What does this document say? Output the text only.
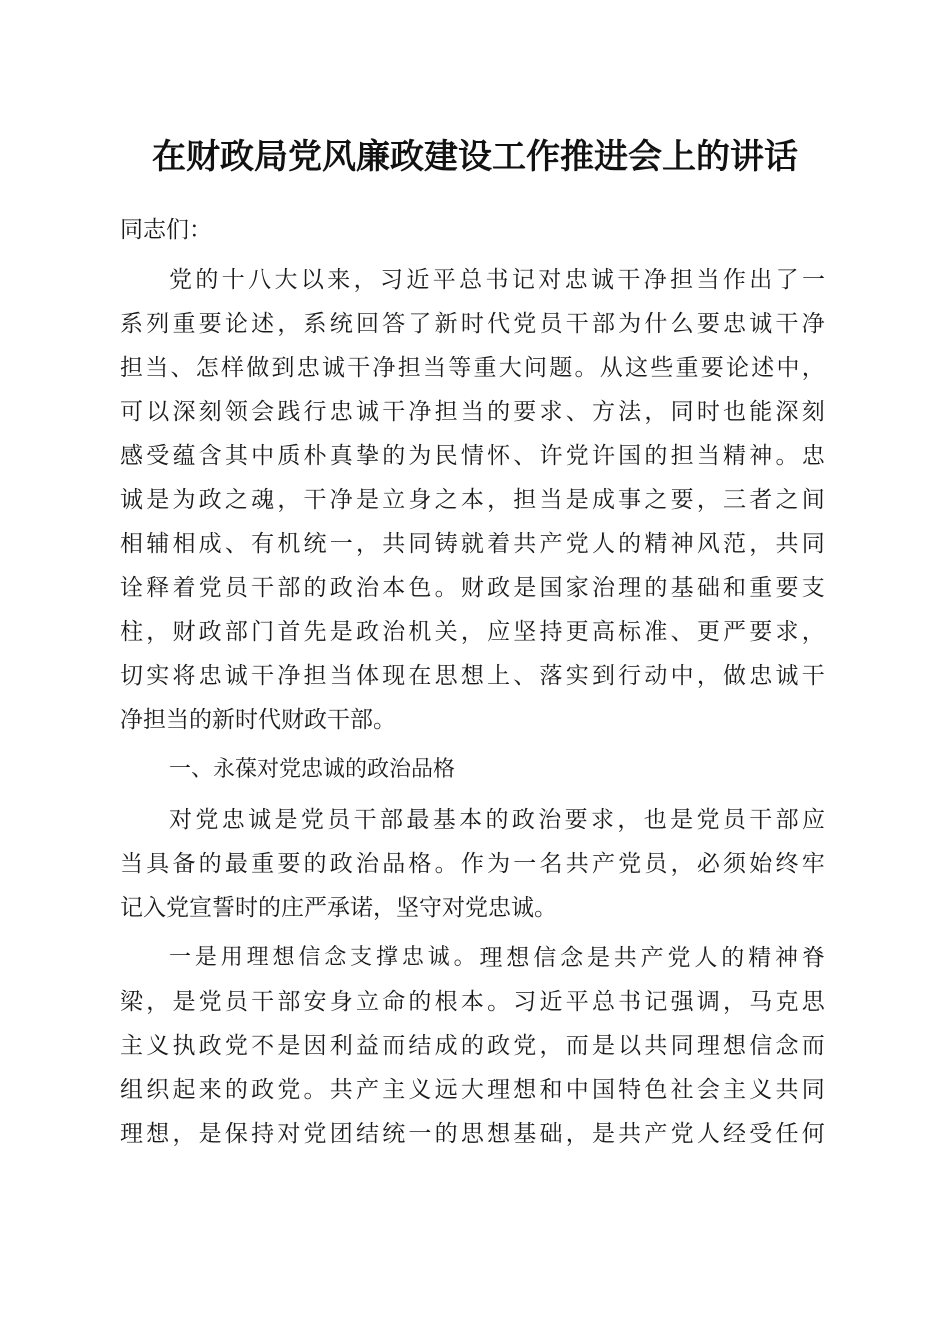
在财政局党风廉政建设工作推进会上的讲话
同志们：
党 的 十 八 大 以 来 ， 习 近 平 总 书 记 对 忠 诚 干 净 担 当 作 出 了 一
系 列 重 要 论 述 ， 系 统 回 答 了 新 时 代 党 员 干 部 为 什 么 要 忠 诚 干 净
担 当 、 怎 样 做 到 忠 诚 干 净 担 当 等 重 大 问 题 。 从 这 些 重 要 论 述 中 ，
可 以 深 刻 领 会 践 行 忠 诚 干 净 担 当 的 要 求 、 方 法 ， 同 时 也 能 深 刻
感 受 蕴 含 其 中 质 朴 真 挚 的 为 民 情 怀 、 许 党 许 国 的 担 当 精 神 。 忠
诚 是 为 政 之 魂 ， 干 净 是 立 身 之 本 ， 担 当 是 成 事 之 要 ， 三 者 之 间
相 辅 相 成 、 有 机 统 一 ， 共 同 铸 就 着 共 产 党 人 的 精 神 风 范 ， 共 同
诠 释 着 党 员 干 部 的 政 治 本 色 。 财 政 是 国 家 治 理 的 基 础 和 重 要 支
柱 ， 财 政 部 门 首 先 是 政 治 机 关 ， 应 坚 持 更 高 标 准 、 更 严 要 求 ，
切 实 将 忠 诚 干 净 担 当 体 现 在 思 想 上 、 落 实 到 行 动 中 ， 做 忠 诚 干
净 担 当 的 新 时 代 财 政 干 部 。
一、永葆对党忠诚的政治品格
对 党 忠 诚 是 党 员 干 部 最 基 本 的 政 治 要 求 ， 也 是 党 员 干 部 应
当 具 备 的 最 重 要 的 政 治 品 格 。 作 为 一 名 共 产 党 员 ， 必 须 始 终 牢
记 入 党 宣 誓 时 的 庄 严 承 诺 ， 坚 守 对 党 忠 诚 。
一 是 用 理 想 信 念 支 撑 忠 诚 。 理 想 信 念 是 共 产 党 人 的 精 神 脊
梁 ， 是 党 员 干 部 安 身 立 命 的 根 本 。 习 近 平 总 书 记 强 调 ， 马 克 思
主 义 执 政 党 不 是 因 利 益 而 结 成 的 政 党 ， 而 是 以 共 同 理 想 信 念 而
组 织 起 来 的 政 党 。 共 产 主 义 远 大 理 想 和 中 国 特 色 社 会 主 义 共 同
理 想 ， 是 保 持 对 党 团 结 统 一 的 思 想 基 础 ， 是 共 产 党 人 经 受 任 何
